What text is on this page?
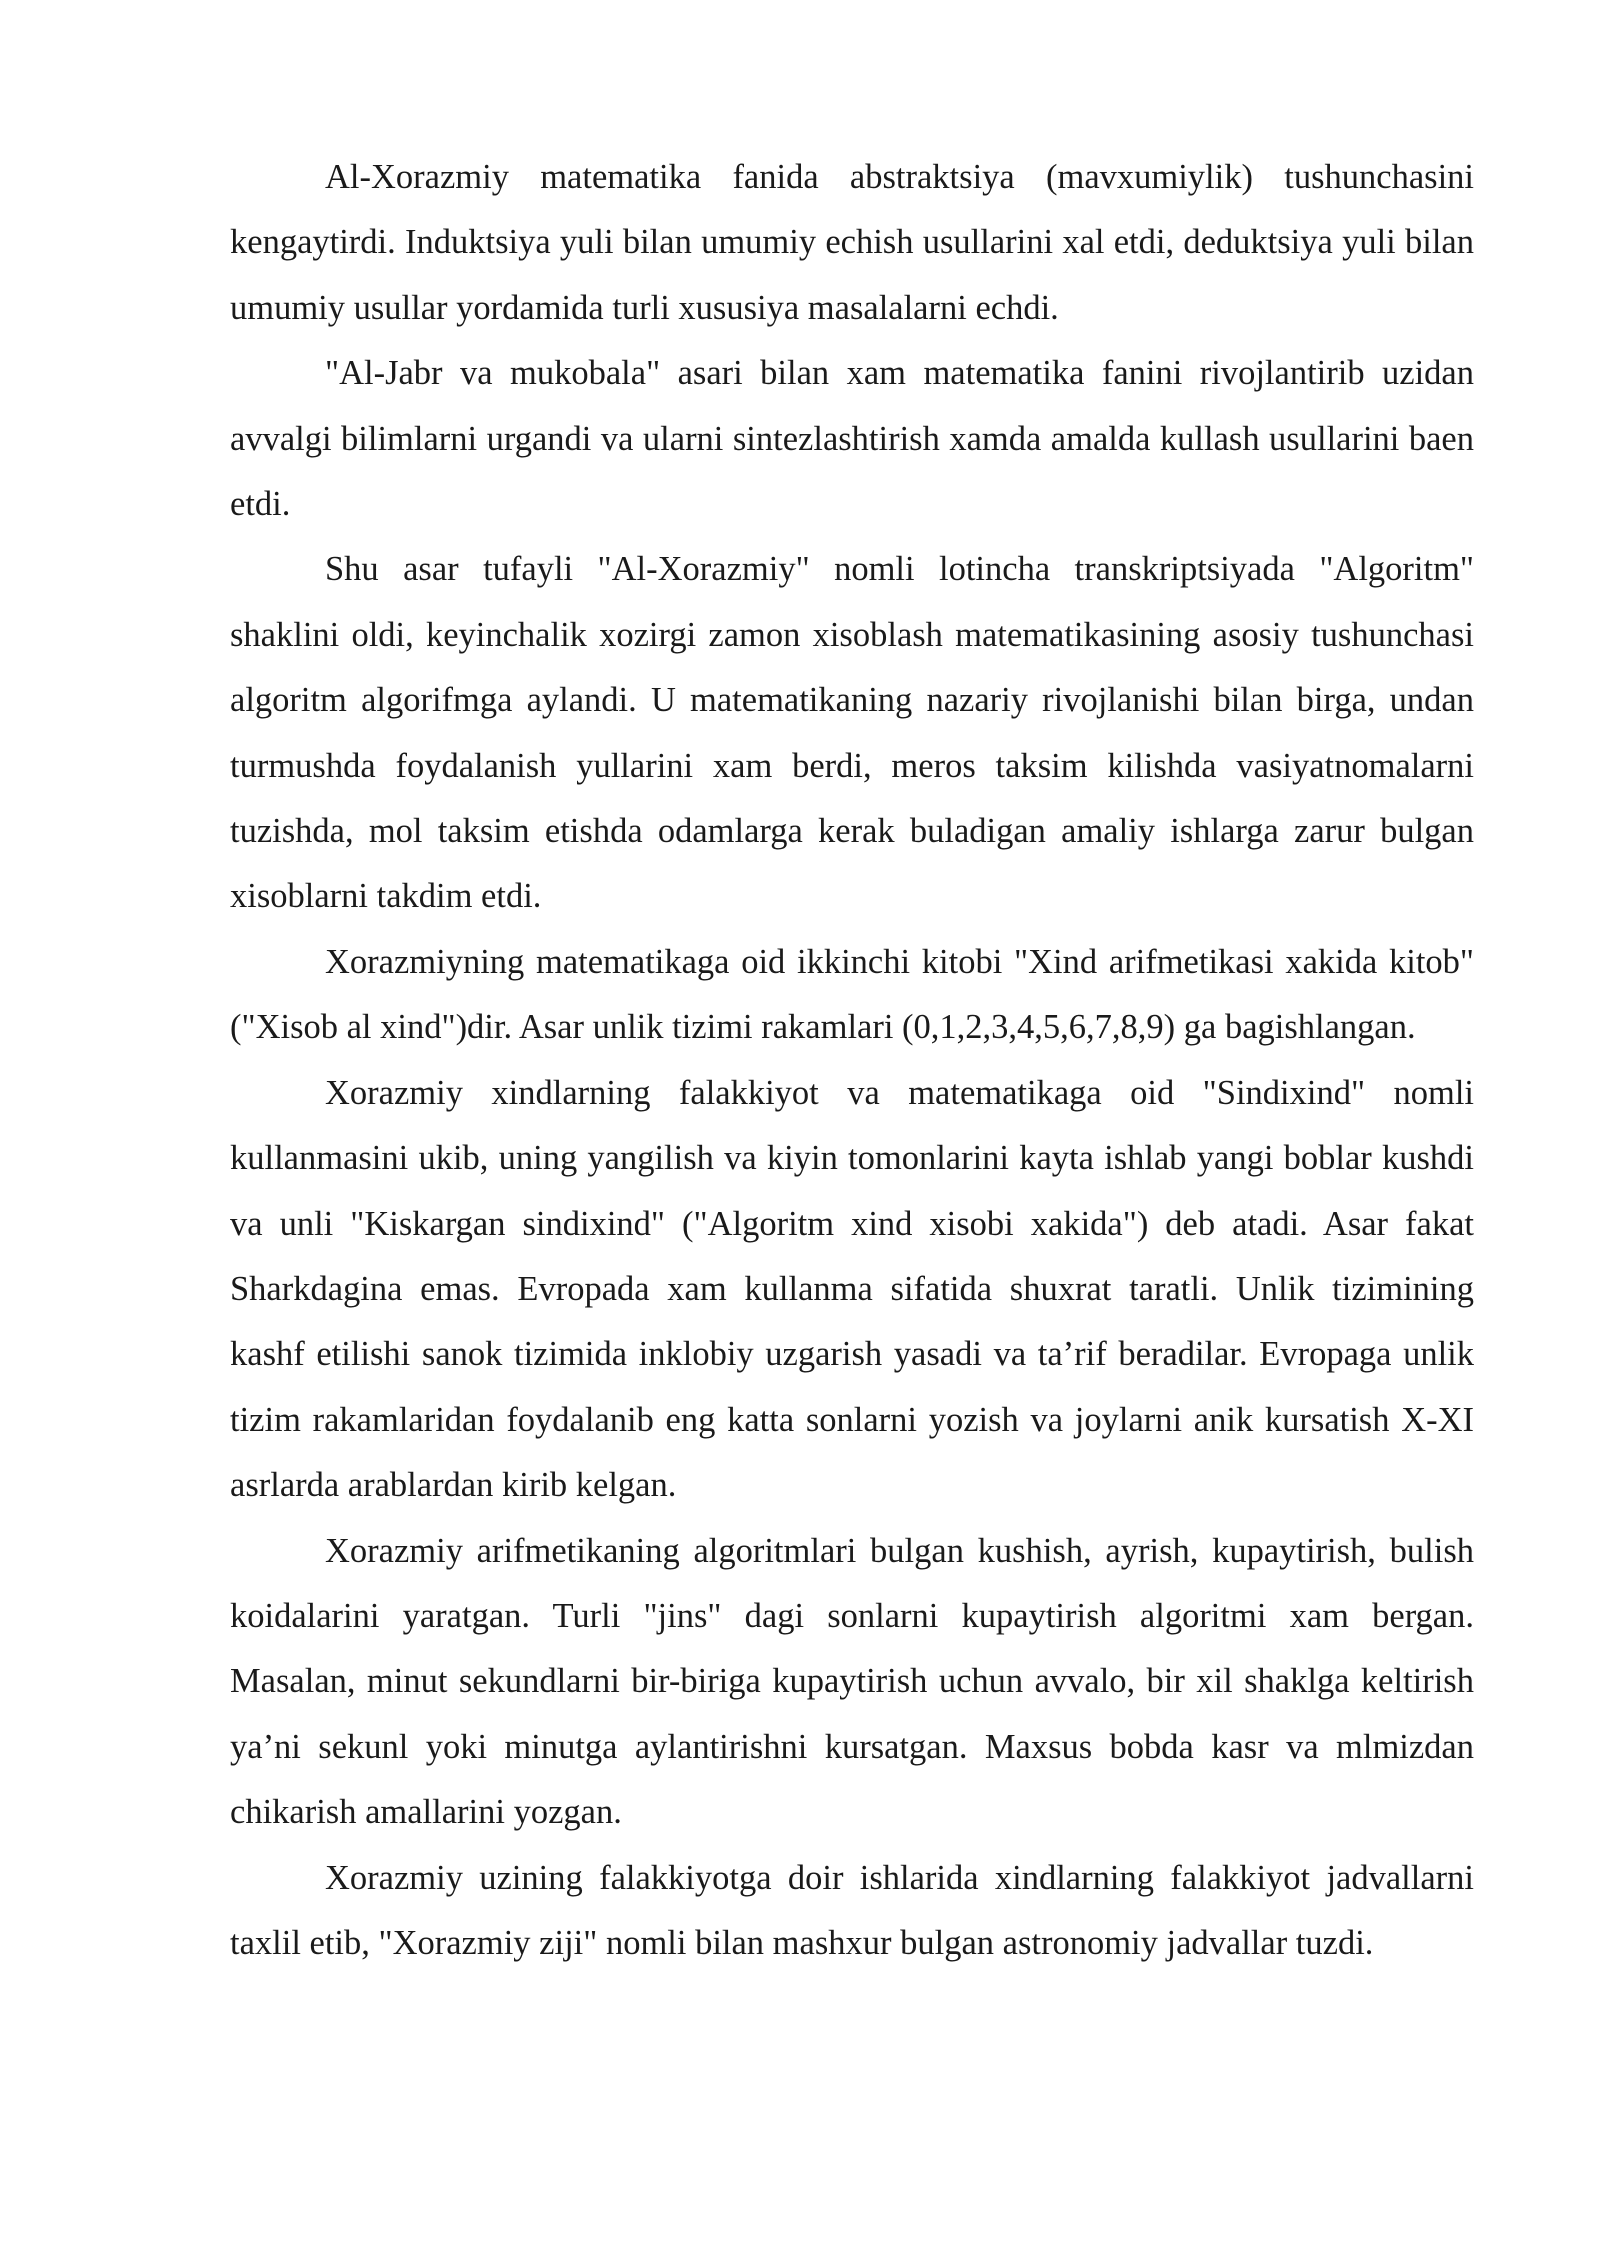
Al-Xorazmiy matematika fanida abstraktsiya (mavxumiylik) tushunchasini kengaytirdi. Induktsiya yuli bilan umumiy echish usullarini xal etdi, deduktsiya yuli bilan umumiy usullar yordamida turli xususiya masalalarni echdi.

"Al-Jabr va mukobala" asari bilan xam matematika fanini rivojlantirib uzidan avvalgi bilimlarni urgandi va ularni sintezlashtirish xamda amalda kullash usullarini baen etdi.

Shu asar tufayli "Al-Xorazmiy" nomli lotincha transkriptsiyada "Algoritm" shaklini oldi, keyinchalik xozirgi zamon xisoblash matematikasining asosiy tushunchasi algoritm algorifmga aylandi. U matematikaning nazariy rivojlanishi bilan birga, undan turmushda foydalanish yullarini xam berdi, meros taksim kilishda vasiyatnomalarni tuzishda, mol taksim etishda odamlarga kerak buladigan amaliy ishlarga zarur bulgan xisoblarni takdim etdi.

Xorazmiyning matematikaga oid ikkinchi kitobi "Xind arifmetikasi xakida kitob" ("Xisob al xind")dir. Asar unlik tizimi rakamlari (0,1,2,3,4,5,6,7,8,9) ga bagishlangan.

Xorazmiy xindlarning falakkiyot va matematikaga oid "Sindixind" nomli kullanmasini ukib, uning yangilish va kiyin tomonlarini kayta ishlab yangi boblar kushdi va unli "Kiskargan sindixind" ("Algoritm xind xisobi xakida") deb atadi. Asar fakat Sharkdagina emas. Evropada xam kullanma sifatida shuxrat taratli. Unlik tizimining kashf etilishi sanok tizimida inklobiy uzgarish yasadi va ta’rif beradilar. Evropaga unlik tizim rakamlaridan foydalanib eng katta sonlarni yozish va joylarni anik kursatish X-XI asrlarda arablardan kirib kelgan.

Xorazmiy arifmetikaning algoritmlari bulgan kushish, ayrish, kupaytirish, bulish koidalarini yaratgan. Turli "jins" dagi sonlarni kupaytirish algoritmi xam bergan. Masalan, minut sekundlarni bir-biriga kupaytirish uchun avvalo, bir xil shaklga keltirish ya’ni sekunl yoki minutga aylantirishni kursatgan. Maxsus bobda kasr va mlmizdan chikarish amallarini yozgan.

Xorazmiy uzining falakkiyotga doir ishlarida xindlarning falakkiyot jadvallarni taxlil etib, "Xorazmiy ziji" nomli bilan mashxur bulgan astronomiy jadvallar tuzdi.
